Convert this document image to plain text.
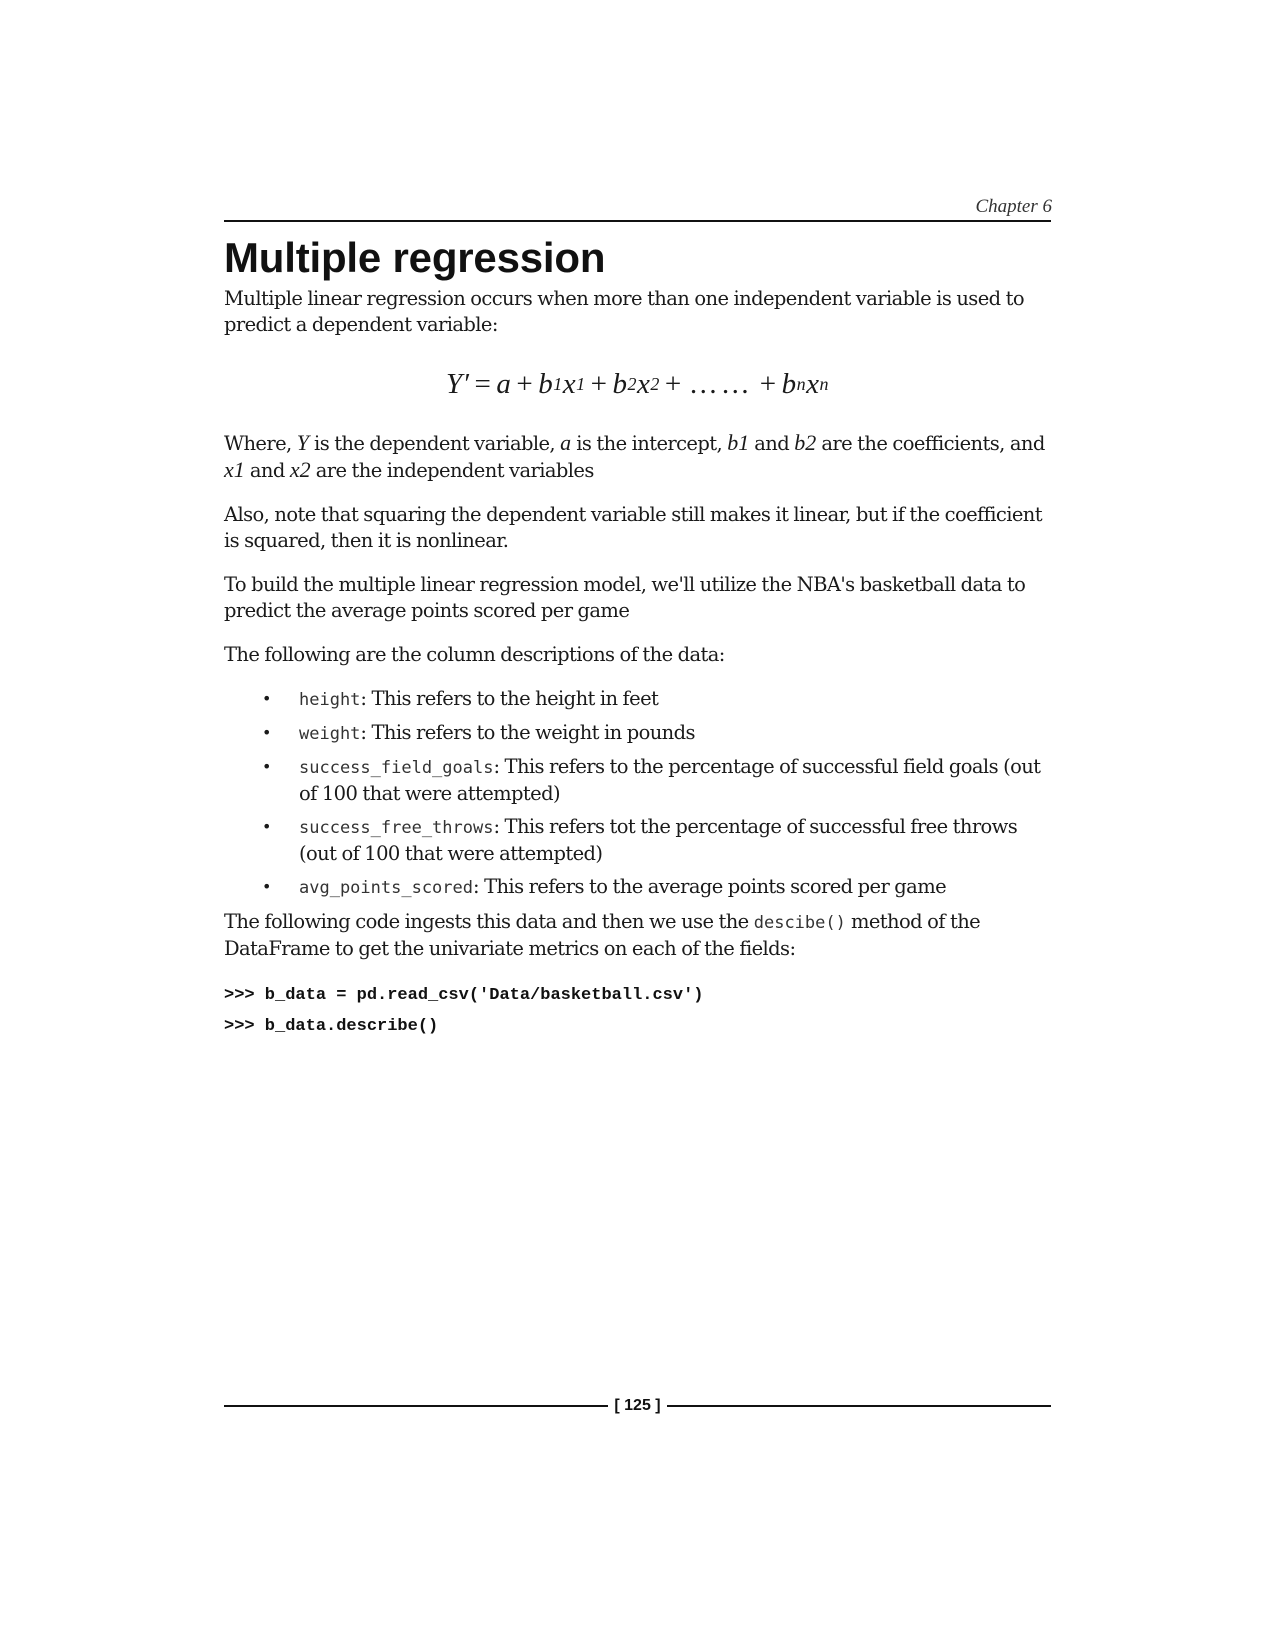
Chapter 6
Multiple regression

Multiple linear regression occurs when more than one independent variable is used to predict a dependent variable:

Y′ = a + b 1 x 1 + b 2 x 2 + …… + b n x n

Where, Y is the dependent variable, a is the intercept, b1 and b2 are the coefficients, and x1 and x2 are the independent variables

Also, note that squaring the dependent variable still makes it linear, but if the coefficient is squared, then it is nonlinear.

To build the multiple linear regression model, we'll utilize the NBA's basketball data to predict the average points scored per game

The following are the column descriptions of the data:

• height: This refers to the height in feet
• weight: This refers to the weight in pounds
• success_field_goals: This refers to the percentage of successful field goals (out of 100 that were attempted)
• success_free_throws: This refers tot the percentage of successful free throws (out of 100 that were attempted)
• avg_points_scored: This refers to the average points scored per game

The following code ingests this data and then we use the descibe() method of the DataFrame to get the univariate metrics on each of the fields:

>>> b_data = pd.read_csv('Data/basketball.csv')
>>> b_data.describe()
[ 125 ]
